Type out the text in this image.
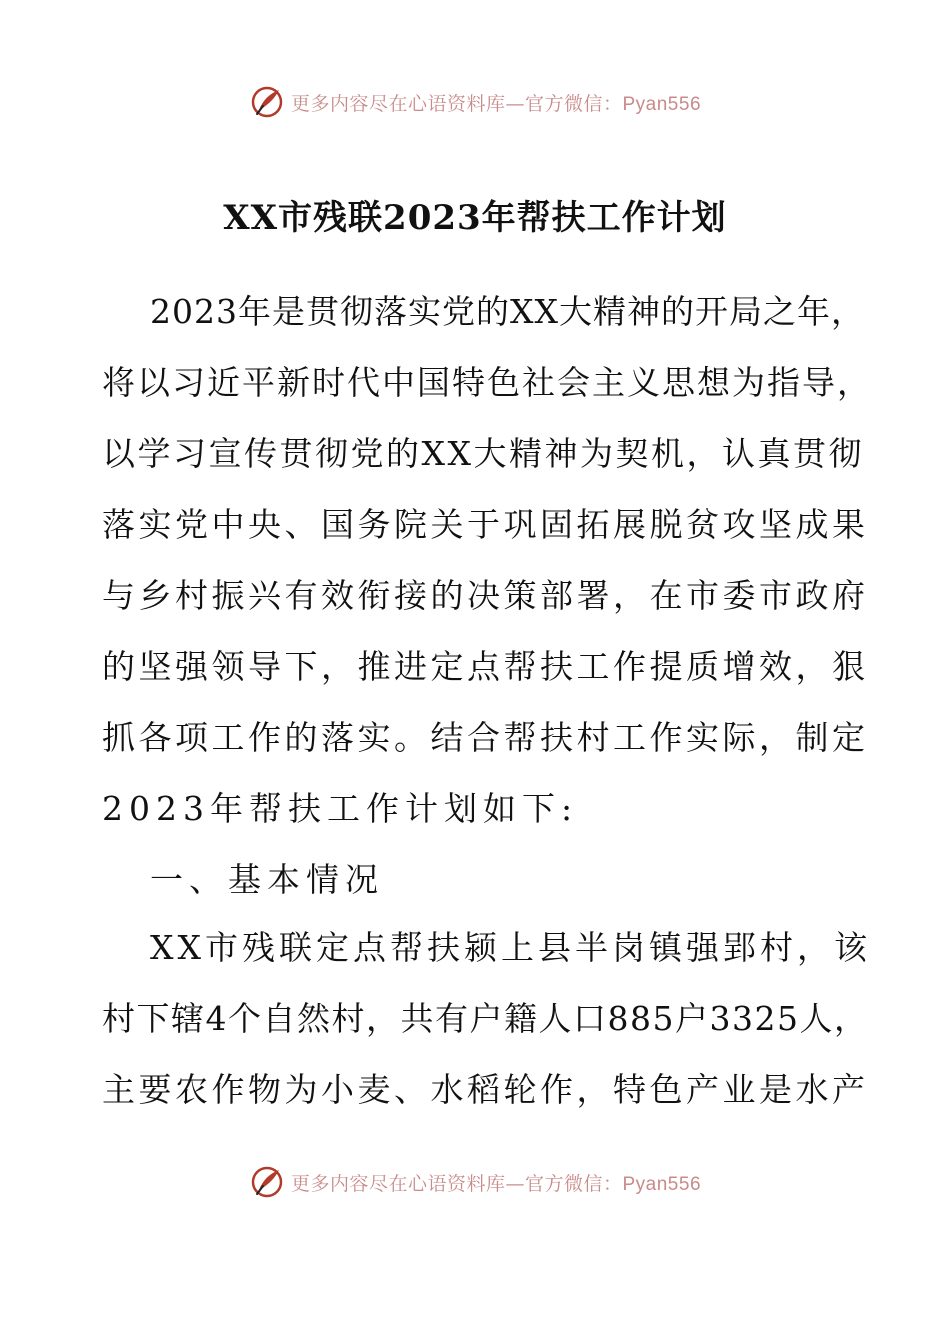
更多内容尽在心语资料库—官方微信：Pyan556
XX市残联2023年帮扶工作计划

2023年是贯彻落实党的XX大精神的开局之年，

将以习近平新时代中国特色社会主义思想为指导，

以学习宣传贯彻党的XX大精神为契机，认真贯彻

落实党中央、国务院关于巩固拓展脱贫攻坚成果

与乡村振兴有效衔接的决策部署，在市委市政府

的坚强领导下，推进定点帮扶工作提质增效，狠

抓各项工作的落实。结合帮扶村工作实际，制定

2023年帮扶工作计划如下:

一、基本情况

XX市残联定点帮扶颍上县半岗镇强郢村，该

村下辖4个自然村，共有户籍人口885户3325人，

主要农作物为小麦、水稻轮作，特色产业是水产

更多内容尽在心语资料库—官方微信：Pyan556
